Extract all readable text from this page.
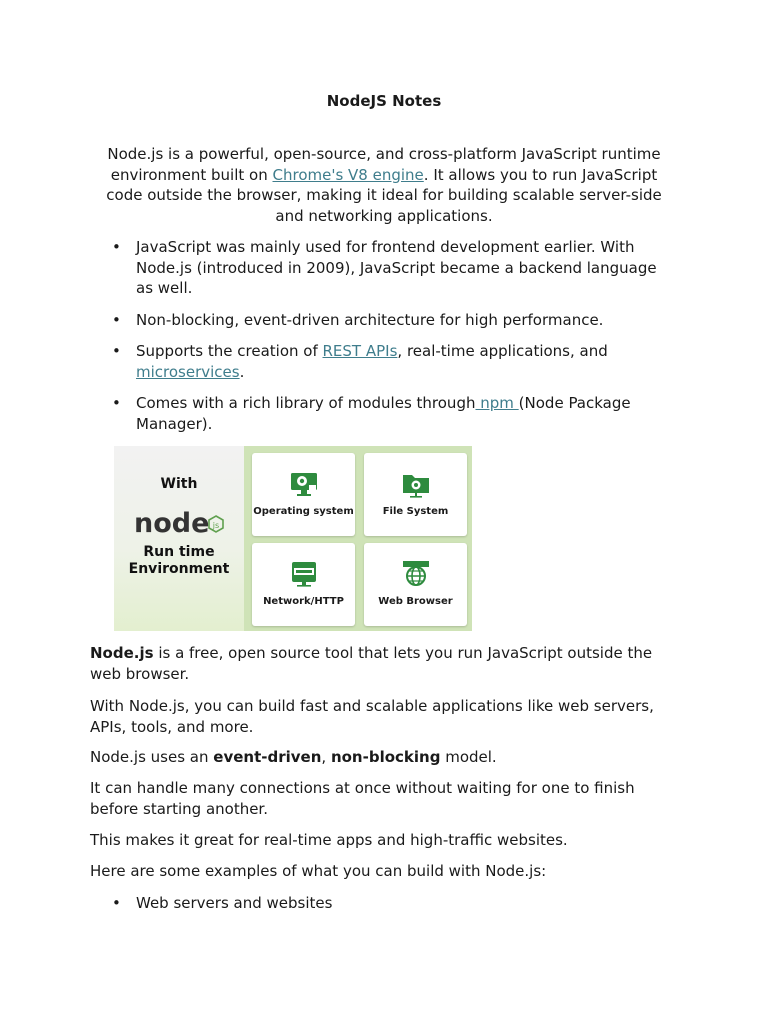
NodeJS Notes

Node.js is a powerful, open-source, and cross-platform JavaScript runtime environment built on Chrome's V8 engine. It allows you to run JavaScript code outside the browser, making it ideal for building scalable server-side and networking applications.

• JavaScript was mainly used for frontend development earlier. With Node.js (introduced in 2009), JavaScript became a backend language as well.
• Non-blocking, event-driven architecture for high performance.
• Supports the creation of REST APIs, real-time applications, and microservices.
• Comes with a rich library of modules through npm (Node Package Manager).
With
node js
Run time Environment
Operating system	File System
Network/HTTP	Web Browser

Node.js is a free, open source tool that lets you run JavaScript outside the web browser.

With Node.js, you can build fast and scalable applications like web servers, APIs, tools, and more.

Node.js uses an event-driven, non-blocking model.

It can handle many connections at once without waiting for one to finish before starting another.

This makes it great for real-time apps and high-traffic websites.

Here are some examples of what you can build with Node.js:

• Web servers and websites
